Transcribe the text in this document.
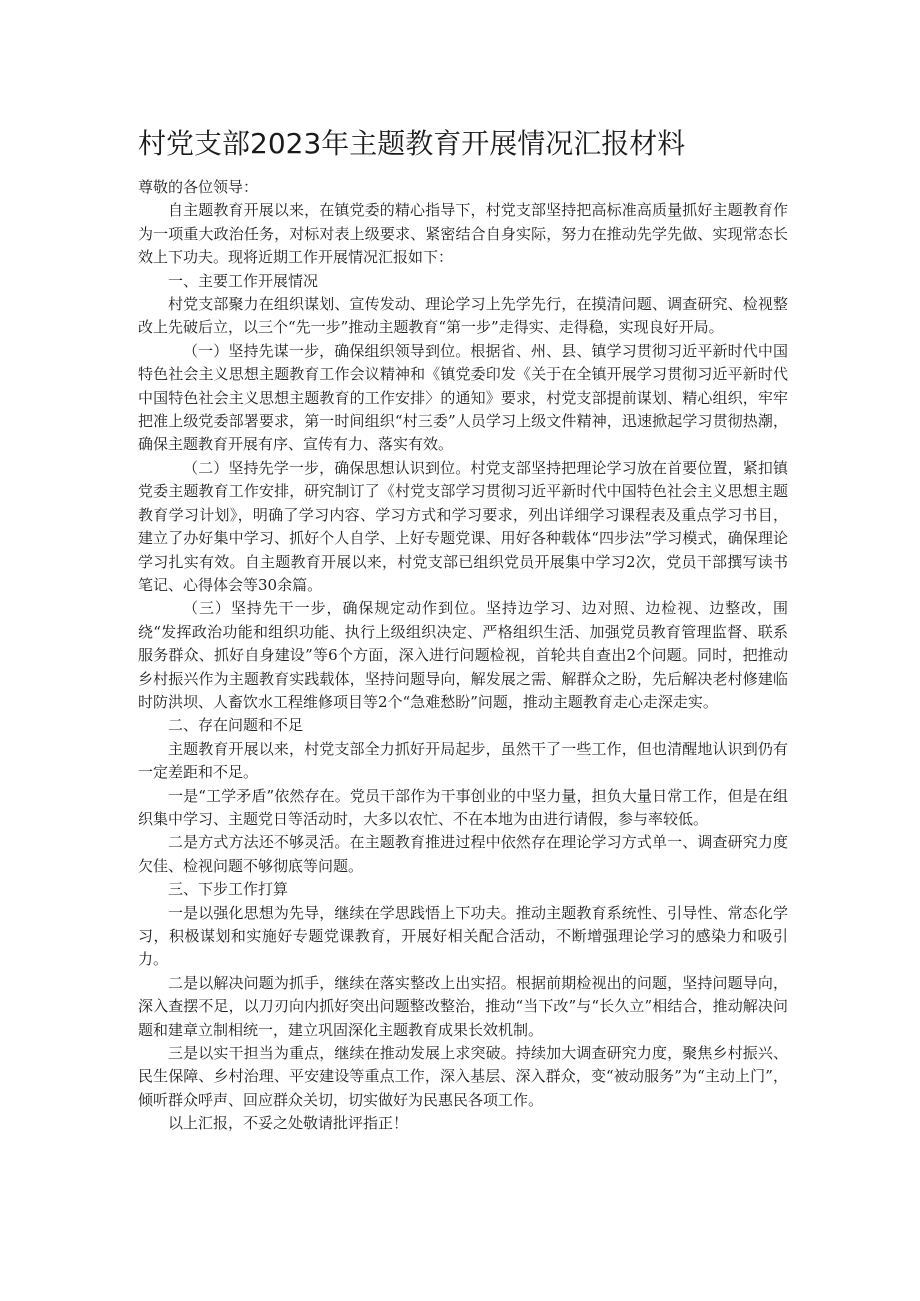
村党支部2023年主题教育开展情况汇报材料

尊敬的各位领导：

自主题教育开展以来，在镇党委的精心指导下，村党支部坚持把高标准高质量抓好主题教育作为一项重大政治任务，对标对表上级要求、紧密结合自身实际，努力在推动先学先做、实现常态长效上下功夫。现将近期工作开展情况汇报如下：

一、主要工作开展情况

村党支部聚力在组织谋划、宣传发动、理论学习上先学先行，在摸清问题、调查研究、检视整改上先破后立，以三个“先一步”推动主题教育“第一步”走得实、走得稳，实现良好开局。

（一）坚持先谋一步，确保组织领导到位。根据省、州、县、镇学习贯彻习近平新时代中国特色社会主义思想主题教育工作会议精神和《镇党委印发《关于在全镇开展学习贯彻习近平新时代中国特色社会主义思想主题教育的工作安排〉的通知》要求，村党支部提前谋划、精心组织，牢牢把准上级党委部署要求，第一时间组织“村三委”人员学习上级文件精神，迅速掀起学习贯彻热潮，确保主题教育开展有序、宣传有力、落实有效。

（二）坚持先学一步，确保思想认识到位。村党支部坚持把理论学习放在首要位置，紧扣镇党委主题教育工作安排，研究制订了《村党支部学习贯彻习近平新时代中国特色社会主义思想主题教育学习计划》，明确了学习内容、学习方式和学习要求，列出详细学习课程表及重点学习书目，建立了办好集中学习、抓好个人自学、上好专题党课、用好各种载体“四步法”学习模式，确保理论学习扎实有效。自主题教育开展以来，村党支部已组织党员开展集中学习2次，党员干部撰写读书笔记、心得体会等30余篇。

（三）坚持先干一步，确保规定动作到位。坚持边学习、边对照、边检视、边整改，围绕“发挥政治功能和组织功能、执行上级组织决定、严格组织生活、加强党员教育管理监督、联系服务群众、抓好自身建设”等6个方面，深入进行问题检视，首轮共自查出2个问题。同时，把推动乡村振兴作为主题教育实践载体，坚持问题导向，解发展之需、解群众之盼，先后解决老村修建临时防洪坝、人畜饮水工程维修项目等2个“急难愁盼”问题，推动主题教育走心走深走实。

二、存在问题和不足

主题教育开展以来，村党支部全力抓好开局起步，虽然干了一些工作，但也清醒地认识到仍有一定差距和不足。

一是“工学矛盾”依然存在。党员干部作为干事创业的中坚力量，担负大量日常工作，但是在组织集中学习、主题党日等活动时，大多以农忙、不在本地为由进行请假，参与率较低。

二是方式方法还不够灵活。在主题教育推进过程中依然存在理论学习方式单一、调查研究力度欠佳、检视问题不够彻底等问题。

三、下步工作打算

一是以强化思想为先导，继续在学思践悟上下功夫。推动主题教育系统性、引导性、常态化学习，积极谋划和实施好专题党课教育，开展好相关配合活动，不断增强理论学习的感染力和吸引力。

二是以解决问题为抓手，继续在落实整改上出实招。根据前期检视出的问题，坚持问题导向，深入查摆不足，以刀刃向内抓好突出问题整改整治，推动“当下改”与“长久立”相结合，推动解决问题和建章立制相统一，建立巩固深化主题教育成果长效机制。

三是以实干担当为重点，继续在推动发展上求突破。持续加大调查研究力度，聚焦乡村振兴、民生保障、乡村治理、平安建设等重点工作，深入基层、深入群众，变“被动服务”为“主动上门”，倾听群众呼声、回应群众关切，切实做好为民惠民各项工作。

以上汇报，不妥之处敬请批评指正！
